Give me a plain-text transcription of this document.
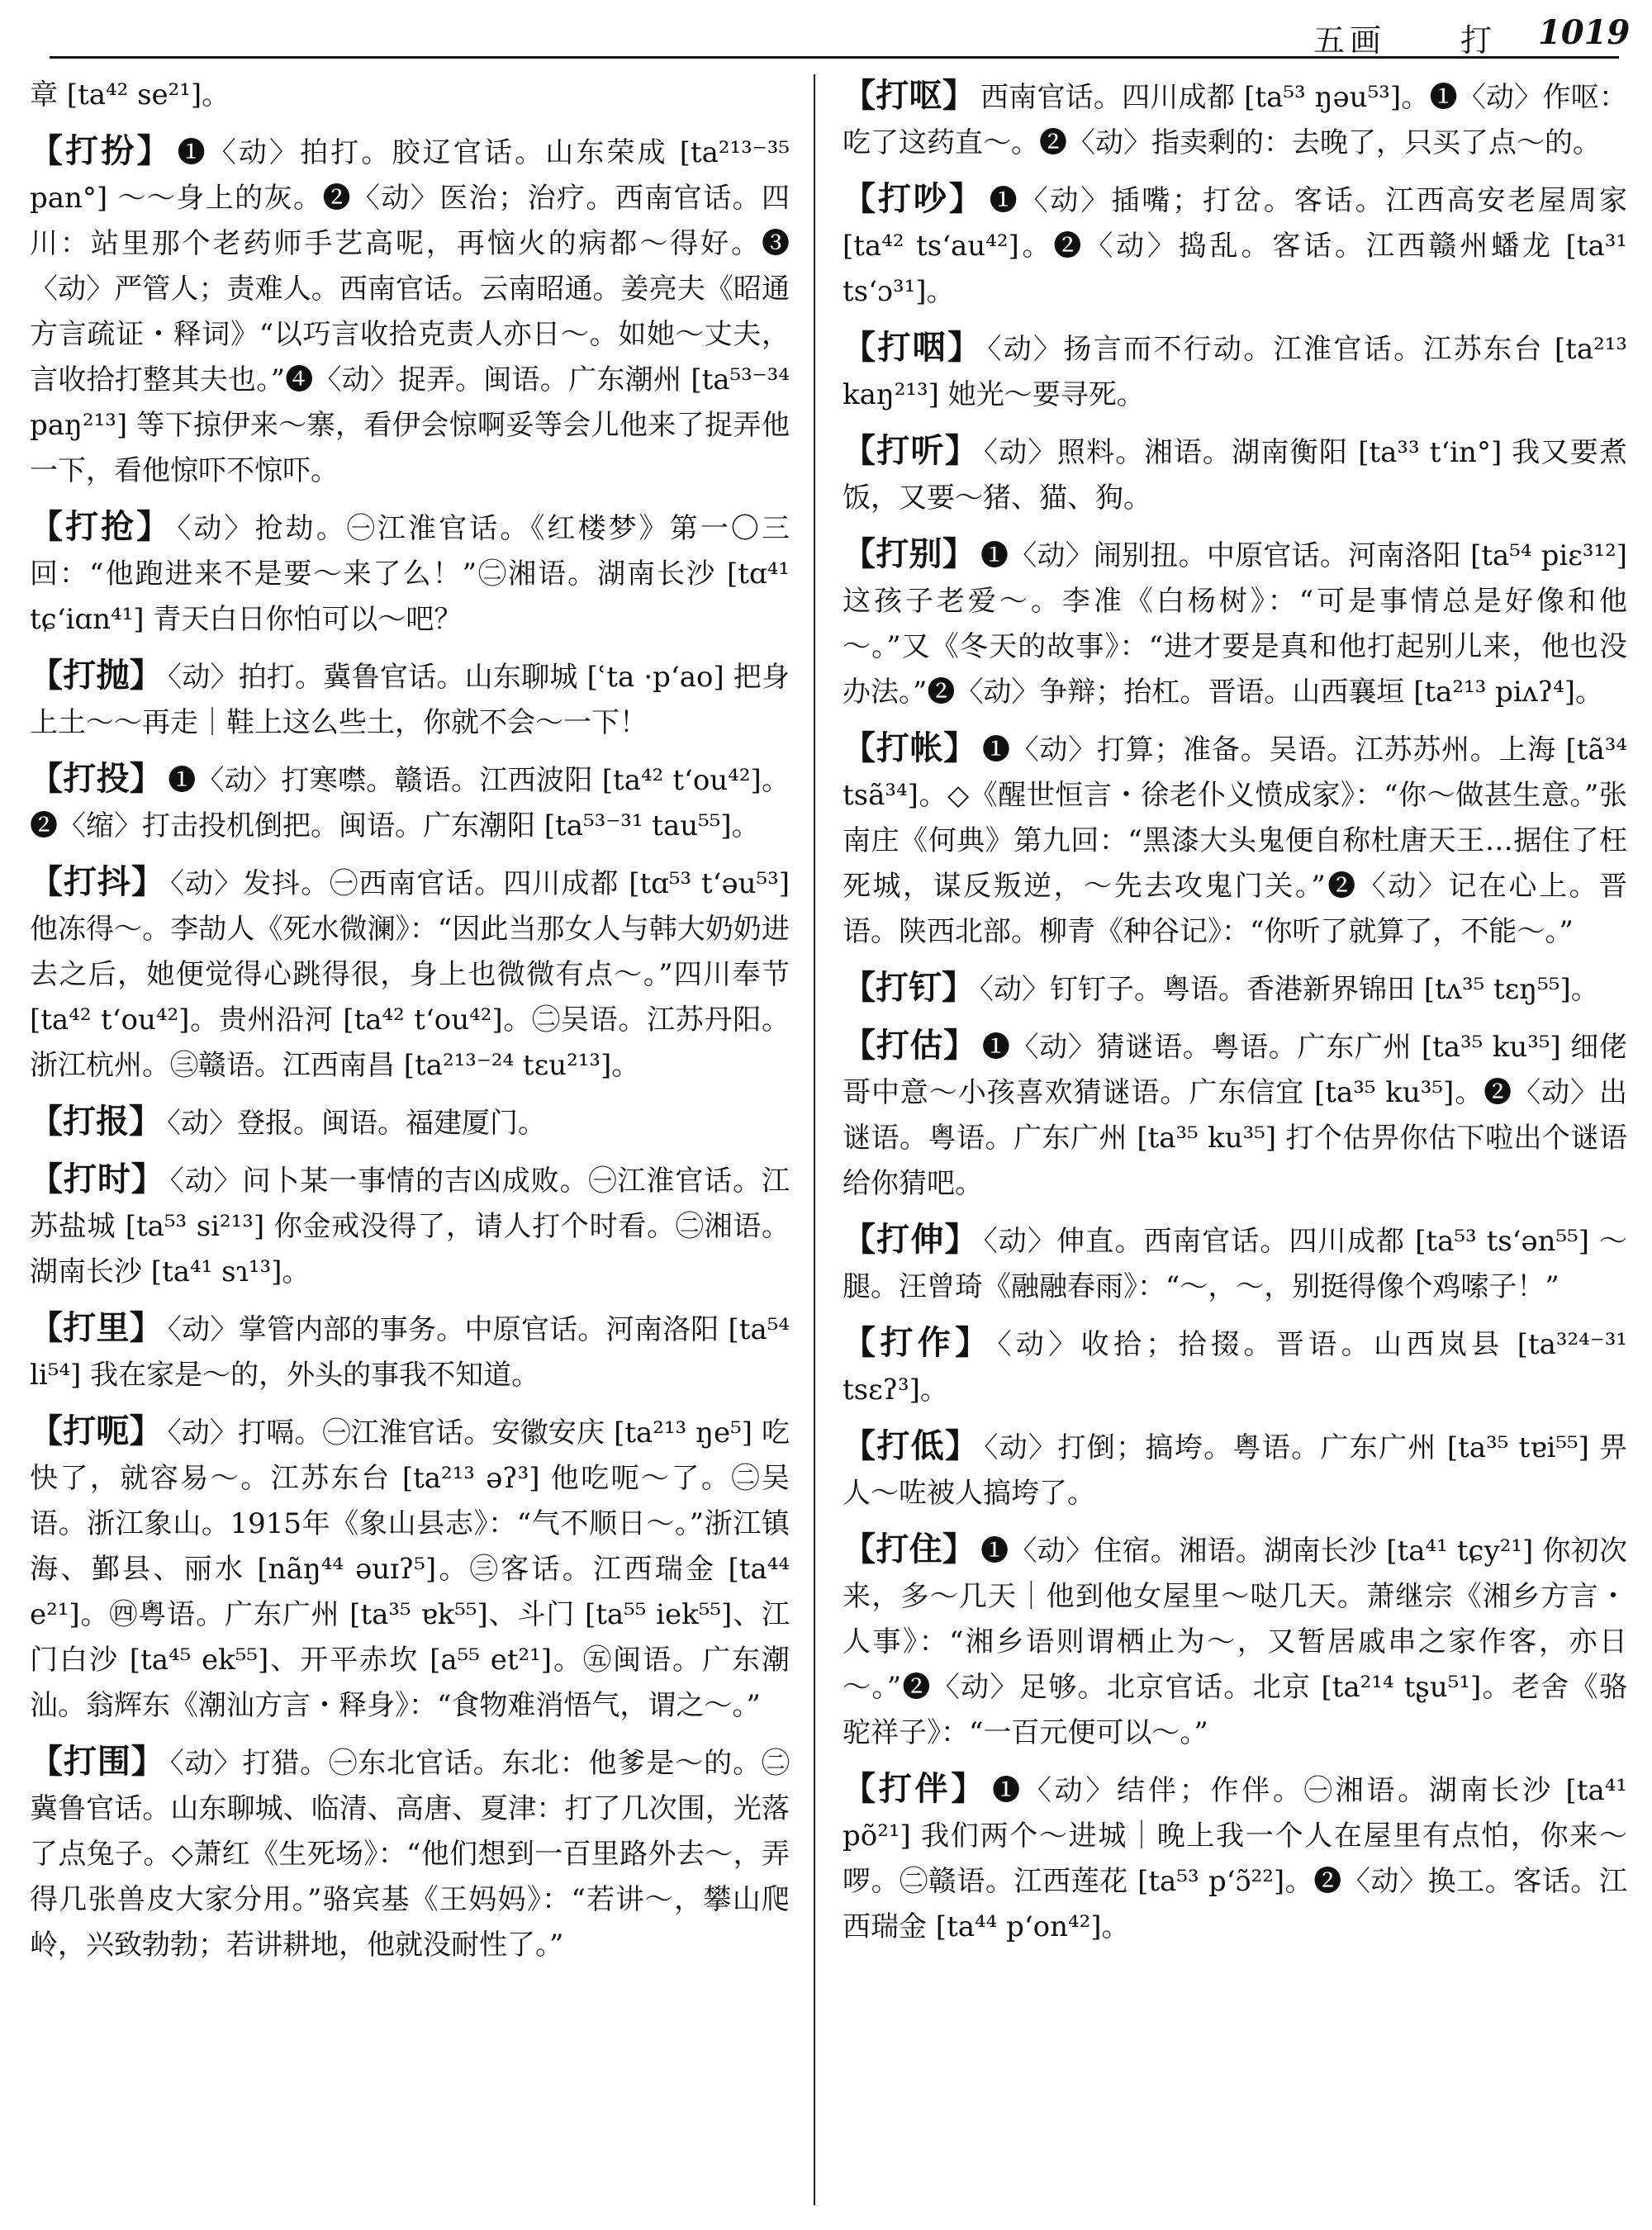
五画 打 1019

章 [ta⁴² se²¹]。

【打扮】 ❶〈动〉拍打。胶辽官话。山东荣成 [ta²¹³⁻³⁵ pan°] ～～身上的灰。❷〈动〉医治；治疗。西南官话。四川：站里那个老药师手艺高呢，再恼火的病都～得好。❸〈动〉严管人；责难人。西南官话。云南昭通。姜亮夫《昭通方言疏证・释词》“以巧言收拾克责人亦日～。如她～丈夫，言收拾打整其夫也。”❹〈动〉捉弄。闽语。广东潮州 [ta⁵³⁻³⁴ paŋ²¹³] 等下掠伊来～寨，看伊会惊啊妥等会儿他来了捉弄他一下，看他惊吓不惊吓。

【打抢】 〈动〉抢劫。㊀江淮官话。《红楼梦》第一〇三回：“他跑进来不是要～来了么！”㊁湘语。湖南长沙 [tɑ⁴¹ tɕʻiɑn⁴¹] 青天白日你怕可以～吧？

【打抛】 〈动〉拍打。冀鲁官话。山东聊城 [ʿta ·pʻao] 把身上土～～再走｜鞋上这么些土，你就不会～一下！

【打投】 ❶〈动〉打寒噤。赣语。江西波阳 [ta⁴² tʻou⁴²]。❷〈缩〉打击投机倒把。闽语。广东潮阳 [ta⁵³⁻³¹ tau⁵⁵]。

【打抖】 〈动〉发抖。㊀西南官话。四川成都 [tɑ⁵³ tʻəu⁵³] 他冻得～。李劼人《死水微澜》：“因此当那女人与韩大奶奶进去之后，她便觉得心跳得很，身上也微微有点～。”四川奉节 [ta⁴² tʻou⁴²]。贵州沿河 [ta⁴² tʻou⁴²]。㊁吴语。江苏丹阳。浙江杭州。㊂赣语。江西南昌 [ta²¹³⁻²⁴ tɛu²¹³]。

【打报】 〈动〉登报。闽语。福建厦门。

【打时】 〈动〉问卜某一事情的吉凶成败。㊀江淮官话。江苏盐城 [ta⁵³ si²¹³] 你金戒没得了，请人打个时看。㊁湘语。湖南长沙 [ta⁴¹ sɿ¹³]。

【打里】 〈动〉掌管内部的事务。中原官话。河南洛阳 [ta⁵⁴ li⁵⁴] 我在家是～的，外头的事我不知道。

【打呃】 〈动〉打嗝。㊀江淮官话。安徽安庆 [ta²¹³ ŋe⁵] 吃快了，就容易～。江苏东台 [ta²¹³ əʔ³] 他吃呃～了。㊁吴语。浙江象山。1915年《象山县志》：“气不顺日～。”浙江镇海、鄞县、丽水 [nãŋ⁴⁴ əuɪʔ⁵]。㊂客话。江西瑞金 [ta⁴⁴ e²¹]。㊃粤语。广东广州 [ta³⁵ ɐk⁵⁵]、斗门 [ta⁵⁵ iek⁵⁵]、江门白沙 [ta⁴⁵ ek⁵⁵]、开平赤坎 [a⁵⁵ et²¹]。㊄闽语。广东潮汕。翁辉东《潮汕方言・释身》：“食物难消悟气，谓之～。”

【打围】 〈动〉打猎。㊀东北官话。东北：他爹是～的。㊁冀鲁官话。山东聊城、临清、高唐、夏津：打了几次围，光落了点兔子。◇萧红《生死场》：“他们想到一百里路外去～，弄得几张兽皮大家分用。”骆宾基《王妈妈》：“若讲～，攀山爬岭，兴致勃勃；若讲耕地，他就没耐性了。”

【打呕】 西南官话。四川成都 [ta⁵³ ŋəu⁵³]。❶〈动〉作呕：吃了这药直～。❷〈动〉指卖剩的：去晚了，只买了点～的。

【打吵】 ❶〈动〉插嘴；打岔。客话。江西高安老屋周家 [ta⁴² tsʻau⁴²]。❷〈动〉捣乱。客话。江西赣州蟠龙 [ta³¹ tsʻɔ³¹]。

【打咽】 〈动〉扬言而不行动。江淮官话。江苏东台 [ta²¹³ kaŋ²¹³] 她光～要寻死。

【打听】 〈动〉照料。湘语。湖南衡阳 [ta³³ tʻin°] 我又要煮饭，又要～猪、猫、狗。

【打别】 ❶〈动〉闹别扭。中原官话。河南洛阳 [ta⁵⁴ piɛ³¹²] 这孩子老爱～。李准《白杨树》：“可是事情总是好像和他～。”又《冬天的故事》：“进才要是真和他打起别儿来，他也没办法。”❷〈动〉争辩；抬杠。晋语。山西襄垣 [ta²¹³ piʌʔ⁴]。

【打帐】 ❶〈动〉打算；准备。吴语。江苏苏州。上海 [tã³⁴ tsã³⁴]。◇《醒世恒言・徐老仆义愤成家》：“你～做甚生意。”张南庄《何典》第九回：“黑漆大头鬼便自称杜唐天王…据住了枉死城，谋反叛逆，～先去攻鬼门关。”❷〈动〉记在心上。晋语。陕西北部。柳青《种谷记》：“你听了就算了，不能～。”

【打钉】 〈动〉钉钉子。粤语。香港新界锦田 [tʌ³⁵ tɛŋ⁵⁵]。

【打估】 ❶〈动〉猜谜语。粤语。广东广州 [ta³⁵ ku³⁵] 细佬哥中意～小孩喜欢猜谜语。广东信宜 [ta³⁵ ku³⁵]。❷〈动〉出谜语。粤语。广东广州 [ta³⁵ ku³⁵] 打个估畀你估下啦出个谜语给你猜吧。

【打伸】 〈动〉伸直。西南官话。四川成都 [ta⁵³ tsʻən⁵⁵] ～腿。汪曾琦《融融春雨》：“～，～，别挺得像个鸡嗦子！”

【打作】 〈动〉收拾；拾掇。晋语。山西岚县 [ta³²⁴⁻³¹ tsɛʔ³]。

【打低】 〈动〉打倒；搞垮。粤语。广东广州 [ta³⁵ tɐi⁵⁵] 畀人～咗被人搞垮了。

【打住】 ❶〈动〉住宿。湘语。湖南长沙 [ta⁴¹ tɕy²¹] 你初次来，多～几天｜他到他女屋里～哒几天。萧继宗《湘乡方言・人事》：“湘乡语则谓栖止为～，又暂居戚串之家作客，亦日～。”❷〈动〉足够。北京官话。北京 [ta²¹⁴ tʂu⁵¹]。老舍《骆驼祥子》：“一百元便可以～。”

【打伴】 ❶〈动〉结伴；作伴。㊀湘语。湖南长沙 [ta⁴¹ põ²¹] 我们两个～进城｜晚上我一个人在屋里有点怕，你来～啰。㊁赣语。江西莲花 [ta⁵³ pʻɔ̃²²]。❷〈动〉换工。客话。江西瑞金 [ta⁴⁴ pʻon⁴²]。
